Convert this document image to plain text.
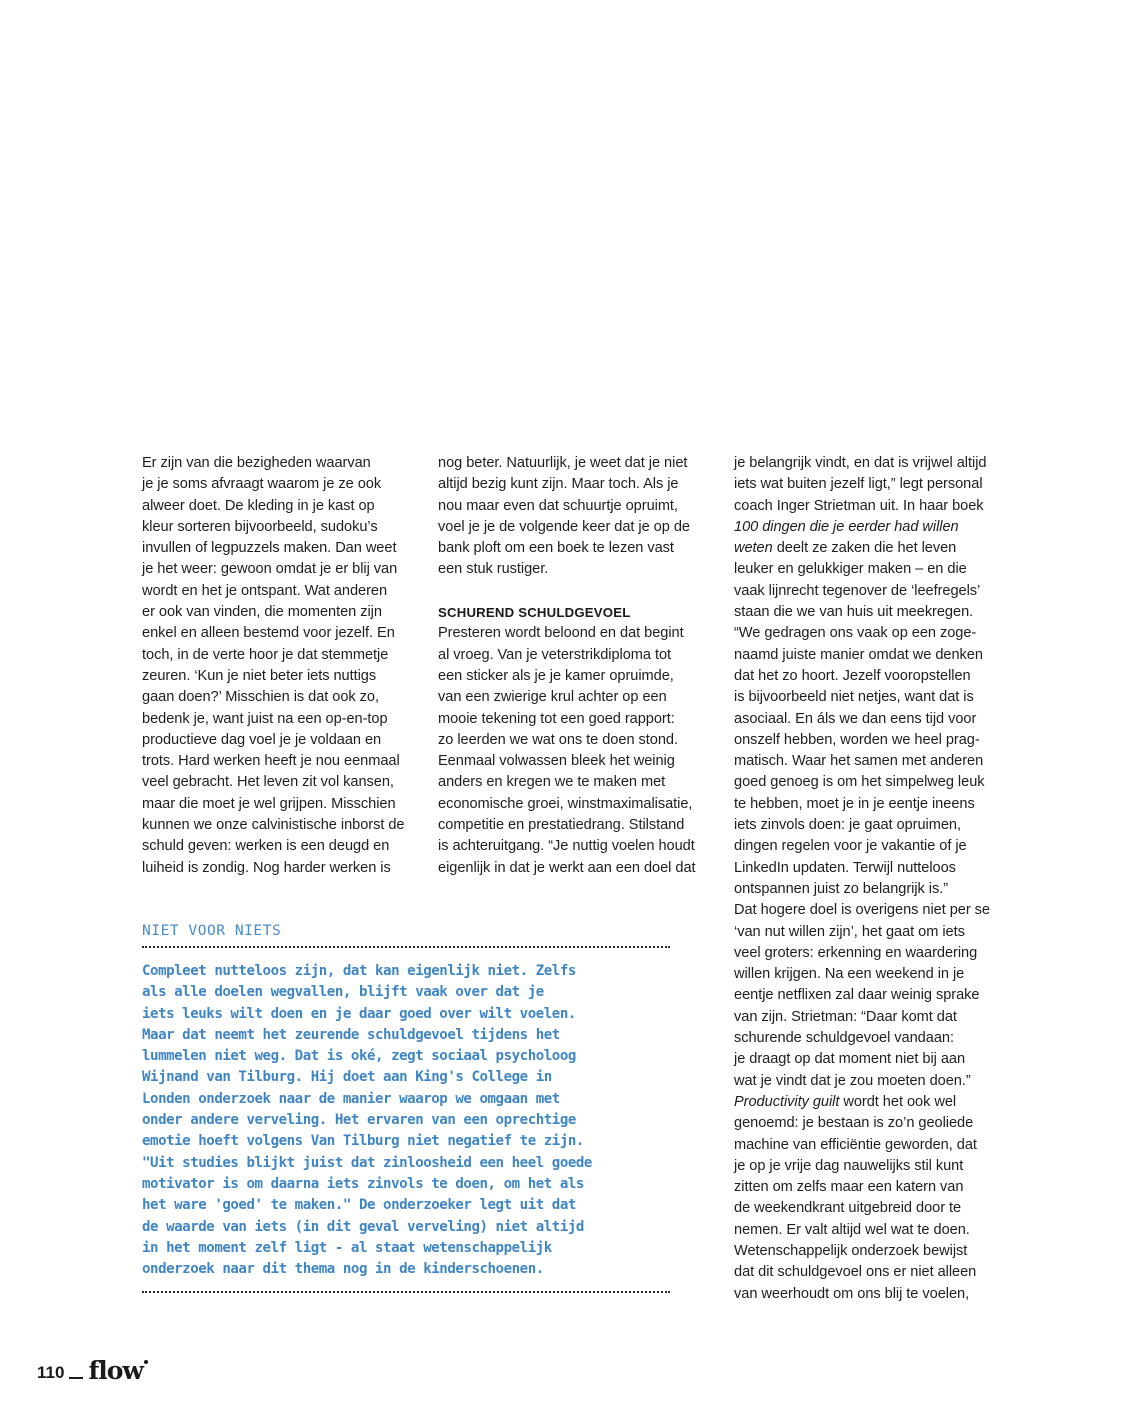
Er zijn van die bezigheden waarvan
je je soms afvraagt waarom je ze ook
alweer doet. De kleding in je kast op
kleur sorteren bijvoorbeeld, sudoku’s
invullen of legpuzzels maken. Dan weet
je het weer: gewoon omdat je er blij van
wordt en het je ontspant. Wat anderen
er ook van vinden, die momenten zijn
enkel en alleen bestemd voor jezelf. En
toch, in de verte hoor je dat stemmetje
zeuren. ‘Kun je niet beter iets nuttigs
gaan doen?’ Misschien is dat ook zo,
bedenk je, want juist na een op-en-top
productieve dag voel je je voldaan en
trots. Hard werken heeft je nou eenmaal
veel gebracht. Het leven zit vol kansen,
maar die moet je wel grijpen. Misschien
kunnen we onze calvinistische inborst de
schuld geven: werken is een deugd en
luiheid is zondig. Nog harder werken is
nog beter. Natuurlijk, je weet dat je niet
altijd bezig kunt zijn. Maar toch. Als je
nou maar even dat schuurtje opruimt,
voel je je de volgende keer dat je op de
bank ploft om een boek te lezen vast
een stuk rustiger.
SCHUREND SCHULDGEVOEL
Presteren wordt beloond en dat begint
al vroeg. Van je veterstrikdiploma tot
een sticker als je je kamer opruimde,
van een zwierige krul achter op een
mooie tekening tot een goed rapport:
zo leerden we wat ons te doen stond.
Eenmaal volwassen bleek het weinig
anders en kregen we te maken met
economische groei, winstmaximalisatie,
competitie en prestatiedrang. Stilstand
is achteruitgang. “Je nuttig voelen houdt
eigenlijk in dat je werkt aan een doel dat
je belangrijk vindt, en dat is vrijwel altijd
iets wat buiten jezelf ligt,” legt personal
coach Inger Strietman uit. In haar boek
100 dingen die je eerder had willen
weten deelt ze zaken die het leven
leuker en gelukkiger maken – en die
vaak lijnrecht tegenover de ‘leefregels’
staan die we van huis uit meekregen.
“We gedragen ons vaak op een zoge-
naamd juiste manier omdat we denken
dat het zo hoort. Jezelf vooropstellen
is bijvoorbeeld niet netjes, want dat is
asociaal. En áls we dan eens tijd voor
onszelf hebben, worden we heel prag-
matisch. Waar het samen met anderen
goed genoeg is om het simpelweg leuk
te hebben, moet je in je eentje ineens
iets zinvols doen: je gaat opruimen,
dingen regelen voor je vakantie of je
LinkedIn updaten. Terwijl nutteloos
ontspannen juist zo belangrijk is.”
Dat hogere doel is overigens niet per se
‘van nut willen zijn’, het gaat om iets
veel groters: erkenning en waardering
willen krijgen. Na een weekend in je
eentje netflixen zal daar weinig sprake
van zijn. Strietman: “Daar komt dat
schurende schuldgevoel vandaan:
je draagt op dat moment niet bij aan
wat je vindt dat je zou moeten doen.”
Productivity guilt wordt het ook wel
genoemd: je bestaan is zo’n geoliede
machine van efficiëntie geworden, dat
je op je vrije dag nauwelijks stil kunt
zitten om zelfs maar een katern van
de weekendkrant uitgebreid door te
nemen. Er valt altijd wel wat te doen.
Wetenschappelijk onderzoek bewijst
dat dit schuldgevoel ons er niet alleen
van weerhoudt om ons blij te voelen,
NIET VOOR NIETS
Compleet nutteloos zijn, dat kan eigenlijk niet. Zelfs
als alle doelen wegvallen, blijft vaak over dat je
iets leuks wilt doen en je daar goed over wilt voelen.
Maar dat neemt het zeurende schuldgevoel tijdens het
lummelen niet weg. Dat is oké, zegt sociaal psycholoog
Wijnand van Tilburg. Hij doet aan King's College in
Londen onderzoek naar de manier waarop we omgaan met
onder andere verveling. Het ervaren van een oprechtige
emotie hoeft volgens Van Tilburg niet negatief te zijn.
"Uit studies blijkt juist dat zinloosheid een heel goede
motivator is om daarna iets zinvols te doen, om het als
het ware 'goed' te maken." De onderzoeker legt uit dat
de waarde van iets (in dit geval verveling) niet altijd
in het moment zelf ligt - al staat wetenschappelijk
onderzoek naar dit thema nog in de kinderschoenen.
110 flow
